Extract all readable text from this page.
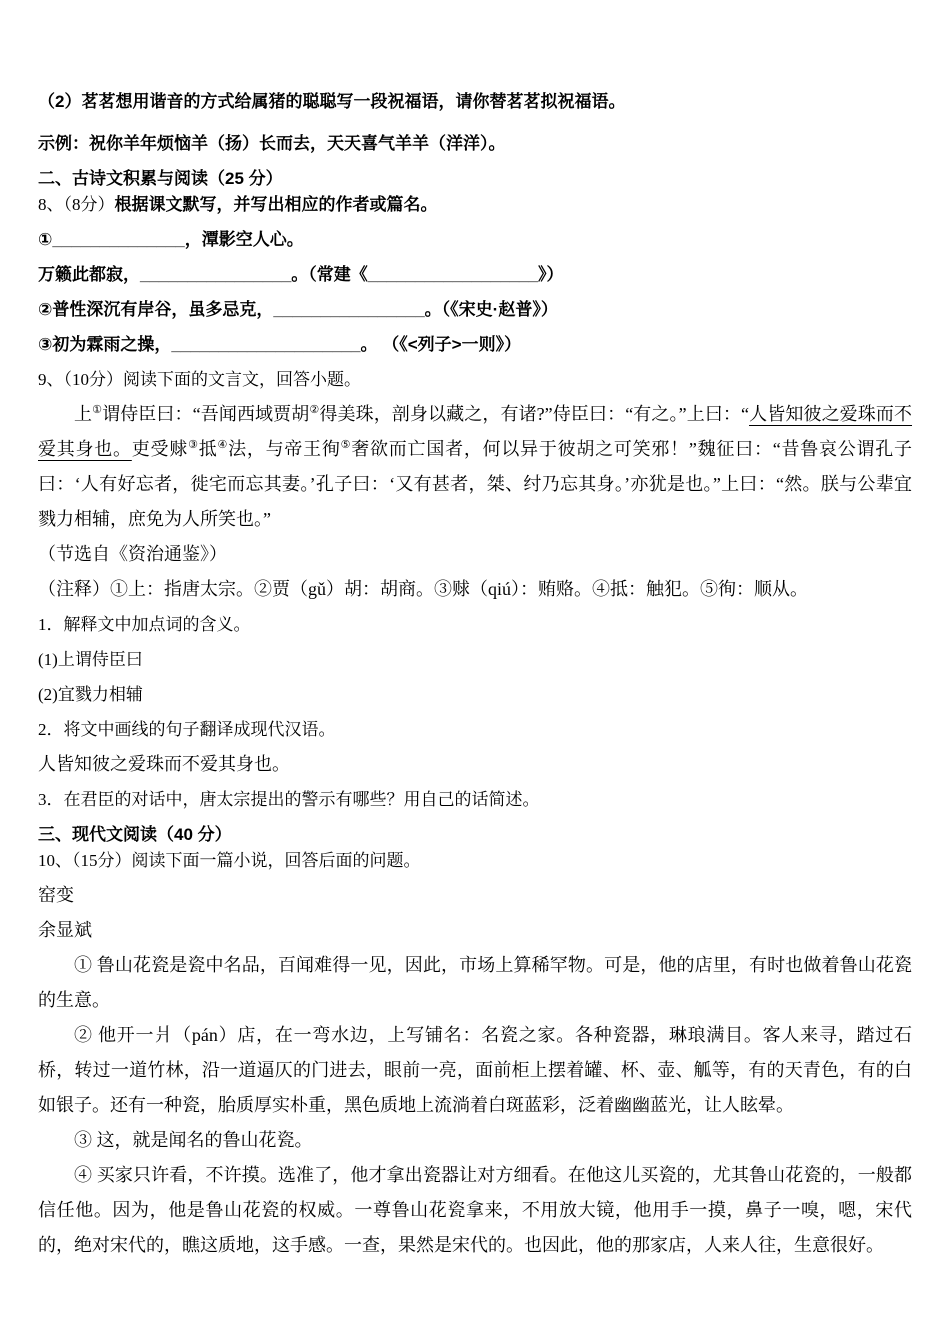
（2）茗茗想用谐音的方式给属猪的聪聪写一段祝福语，请你替茗茗拟祝福语。

示例：祝你羊年烦恼羊（扬）长而去，天天喜气羊羊（洋洋）。

二、古诗文积累与阅读（25 分）

8、（8分）根据课文默写，并写出相应的作者或篇名。

①______________，潭影空人心。

万籁此都寂，________________。（常建《__________________》）

②普性深沉有岸谷，虽多忌克，________________。（《宋史·赵普》）

③初为霖雨之操，____________________。 （《<列子>一则》）

9、（10分）阅读下面的文言文，回答小题。

上①谓侍臣曰：“吾闻西域贾胡②得美珠，剖身以藏之，有诸?”侍臣曰：“有之。”上曰：“人皆知彼之爱珠而不爱其身也。吏受赇③抵④法，与帝王徇⑤奢欲而亡国者，何以异于彼胡之可笑邪！”魏征曰：“昔鲁哀公谓孔子曰：‘人有好忘者，徙宅而忘其妻。’孔子曰：‘又有甚者，桀、纣乃忘其身。’亦犹是也。”上曰：“然。朕与公辈宜戮力相辅，庶免为人所笑也。”

（节选自《资治通鉴》）

（注释）①上：指唐太宗。②贾（gǔ）胡：胡商。③赇（qiú）：贿赂。④抵：触犯。⑤徇：顺从。

1．解释文中加点词的含义。

(1)上谓侍臣曰

(2)宜戮力相辅

2．将文中画线的句子翻译成现代汉语。

人皆知彼之爱珠而不爱其身也。

3．在君臣的对话中，唐太宗提出的警示有哪些？用自己的话简述。

三、现代文阅读（40 分）

10、（15分）阅读下面一篇小说，回答后面的问题。

窑变

余显斌

① 鲁山花瓷是瓷中名品，百闻难得一见，因此，市场上算稀罕物。可是，他的店里，有时也做着鲁山花瓷的生意。

② 他开一爿（pán）店，在一弯水边，上写铺名：名瓷之家。各种瓷器，琳琅满目。客人来寻，踏过石桥，转过一道竹林，沿一道逼仄的门进去，眼前一亮，面前柜上摆着罐、杯、壶、觚等，有的天青色，有的白如银子。还有一种瓷，胎质厚实朴重，黑色质地上流淌着白斑蓝彩，泛着幽幽蓝光，让人眩晕。

③ 这，就是闻名的鲁山花瓷。

④ 买家只许看，不许摸。选准了，他才拿出瓷器让对方细看。在他这儿买瓷的，尤其鲁山花瓷的，一般都信任他。因为，他是鲁山花瓷的权威。一尊鲁山花瓷拿来，不用放大镜，他用手一摸，鼻子一嗅，嗯，宋代的，绝对宋代的，瞧这质地，这手感。一查，果然是宋代的。也因此，他的那家店，人来人往，生意很好。
